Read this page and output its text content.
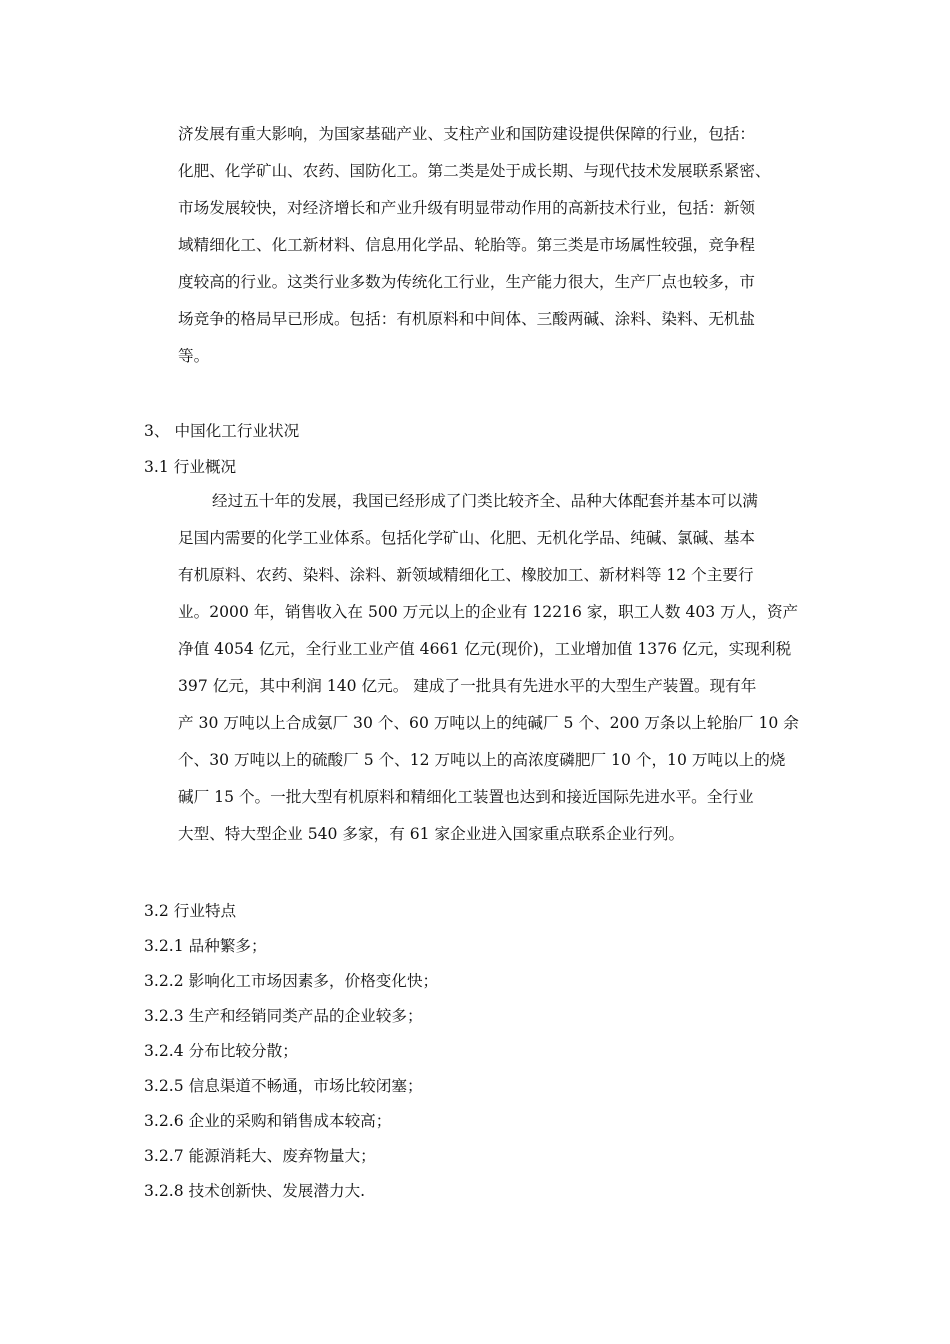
济发展有重大影响，为国家基础产业、支柱产业和国防建设提供保障的行业，包括：
化肥、化学矿山、农药、国防化工。第二类是处于成长期、与现代技术发展联系紧密、
市场发展较快，对经济增长和产业升级有明显带动作用的高新技术行业，包括：新领
域精细化工、化工新材料、信息用化学品、轮胎等。第三类是市场属性较强，竞争程
度较高的行业。这类行业多数为传统化工行业，生产能力很大，生产厂点也较多，市
场竞争的格局早已形成。包括：有机原料和中间体、三酸两碱、涂料、染料、无机盐
等。
3、 中国化工行业状况
3.1 行业概况
经过五十年的发展，我国已经形成了门类比较齐全、品种大体配套并基本可以满
足国内需要的化学工业体系。包括化学矿山、化肥、无机化学品、纯碱、氯碱、基本
有机原料、农药、染料、涂料、新领域精细化工、橡胶加工、新材料等 12 个主要行
业。2000 年，销售收入在 500 万元以上的企业有 12216 家，职工人数 403 万人，资产
净值 4054 亿元，全行业工业产值 4661 亿元(现价)，工业增加值 1376 亿元，实现利税
397 亿元，其中利润 140 亿元。 建成了一批具有先进水平的大型生产装置。现有年
产 30 万吨以上合成氨厂 30 个、60 万吨以上的纯碱厂 5 个、200 万条以上轮胎厂 10 余
个、30 万吨以上的硫酸厂 5 个、12 万吨以上的高浓度磷肥厂 10 个，10 万吨以上的烧
碱厂 15 个。一批大型有机原料和精细化工装置也达到和接近国际先进水平。全行业
大型、特大型企业 540 多家，有 61 家企业进入国家重点联系企业行列。
3.2 行业特点
3.2.1 品种繁多；
3.2.2 影响化工市场因素多，价格变化快；
3.2.3 生产和经销同类产品的企业较多；
3.2.4 分布比较分散；
3.2.5 信息渠道不畅通，市场比较闭塞；
3.2.6 企业的采购和销售成本较高；
3.2.7 能源消耗大、废弃物量大；
3.2.8 技术创新快、发展潜力大.
